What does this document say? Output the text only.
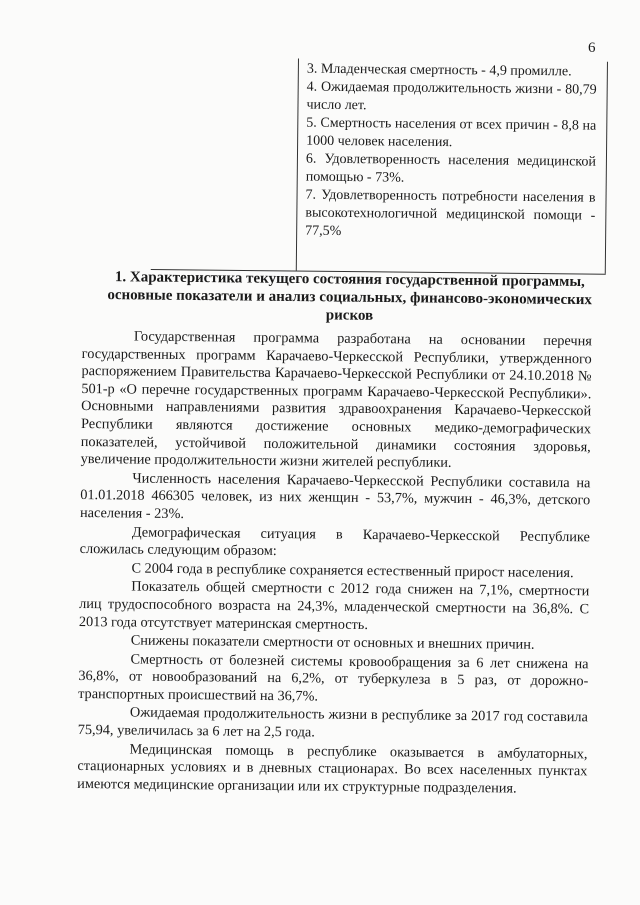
6

3. Младенческая смертность - 4,9 промилле.

4. Ожидаемая продолжительность жизни - 80,79 число лет.

5. Смертность населения от всех причин - 8,8 на 1000 человек населения.

6. Удовлетворенность населения медицинской помощью - 73%.

7. Удовлетворенность потребности населения в высокотехнологичной медицинской помощи - 77,5%

1. Характеристика текущего состояния государственной программы, основные показатели и анализ социальных, финансово-экономических рисков

Государственная программа разработана на основании перечня государственных программ Карачаево-Черкесской Республики, утвержденного распоряжением Правительства Карачаево-Черкесской Республики от 24.10.2018 № 501-р «О перечне государственных программ Карачаево-Черкесской Республики». Основными направлениями развития здравоохранения Карачаево-Черкесской Республики являются достижение основных медико-демографических показателей, устойчивой положительной динамики состояния здоровья, увеличение продолжительности жизни жителей республики.

Численность населения Карачаево-Черкесской Республики составила на 01.01.2018 466305 человек, из них женщин - 53,7%, мужчин - 46,3%, детского населения - 23%.

Демографическая ситуация в Карачаево-Черкесской Республике сложилась следующим образом:

С 2004 года в республике сохраняется естественный прирост населения.

Показатель общей смертности с 2012 года снижен на 7,1%, смертности лиц трудоспособного возраста на 24,3%, младенческой смертности на 36,8%. С 2013 года отсутствует материнская смертность.

Снижены показатели смертности от основных и внешних причин.

Смертность от болезней системы кровообращения за 6 лет снижена на 36,8%, от новообразований на 6,2%, от туберкулеза в 5 раз, от дорожно-транспортных происшествий на 36,7%.

Ожидаемая продолжительность жизни в республике за 2017 год составила 75,94, увеличилась за 6 лет на 2,5 года.

Медицинская помощь в республике оказывается в амбулаторных, стационарных условиях и в дневных стационарах. Во всех населенных пунктах имеются медицинские организации или их структурные подразделения.
